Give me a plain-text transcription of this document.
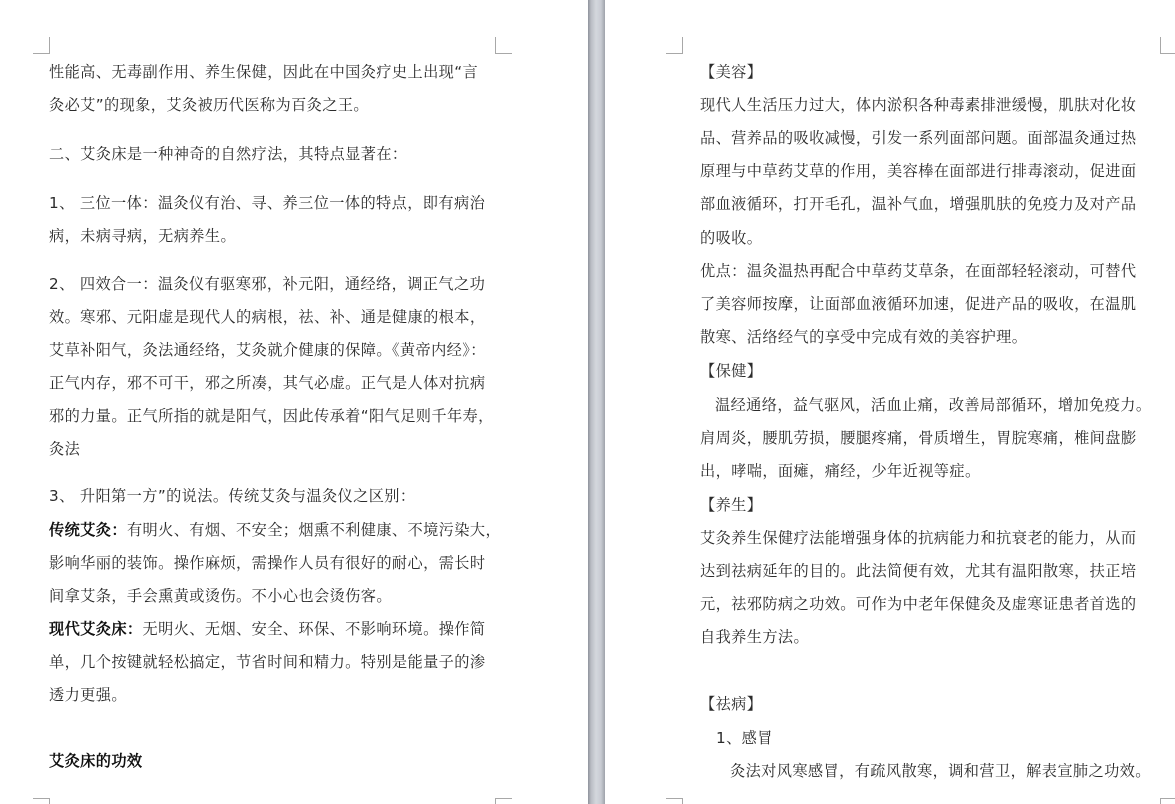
性能高、无毒副作用、养生保健，因此在中国灸疗史上出现“言

灸必艾”的现象，艾灸被历代医称为百灸之王。

二、艾灸床是一种神奇的自然疗法，其特点显著在：

1、 三位一体：温灸仪有治、寻、养三位一体的特点，即有病治

病，未病寻病，无病养生。

2、 四效合一：温灸仪有驱寒邪，补元阳，通经络，调正气之功

效。寒邪、元阳虚是现代人的病根，祛、补、通是健康的根本，

艾草补阳气，灸法通经络，艾灸就介健康的保障。《黄帝内经》：

正气内存，邪不可干，邪之所凑，其气必虚。正气是人体对抗病

邪的力量。正气所指的就是阳气，因此传承着“阳气足则千年寿，

灸法

3、 升阳第一方”的说法。传统艾灸与温灸仪之区别：

传统艾灸：有明火、有烟、不安全；烟熏不利健康、不境污染大，

影响华丽的装饰。操作麻烦，需操作人员有很好的耐心，需长时

间拿艾条，手会熏黄或烫伤。不小心也会烫伤客。

现代艾灸床：无明火、无烟、安全、环保、不影响环境。操作简

单，几个按键就轻松搞定，节省时间和精力。特别是能量子的渗

透力更强。

艾灸床的功效

【美容】

现代人生活压力过大，体内淤积各种毒素排泄缓慢，肌肤对化妆

品、营养品的吸收减慢，引发一系列面部问题。面部温灸通过热

原理与中草药艾草的作用，美容棒在面部进行排毒滚动，促进面

部血液循环，打开毛孔，温补气血，增强肌肤的免疫力及对产品

的吸收。

优点：温灸温热再配合中草药艾草条，在面部轻轻滚动，可替代

了美容师按摩，让面部血液循环加速，促进产品的吸收，在温肌

散寒、活络经气的享受中完成有效的美容护理。

【保健】

温经通络，益气驱风，活血止痛，改善局部循环，增加免疫力。

肩周炎，腰肌劳损，腰腿疼痛，骨质增生，胃脘寒痛，椎间盘膨

出，哮喘，面瘫，痛经，少年近视等症。

【养生】

艾灸养生保健疗法能增强身体的抗病能力和抗衰老的能力，从而

达到祛病延年的目的。此法简便有效，尤其有温阳散寒，扶正培

元，祛邪防病之功效。可作为中老年保健灸及虚寒证患者首选的

自我养生方法。

【祛病】

1、感冒

灸法对风寒感冒，有疏风散寒，调和营卫，解表宣肺之功效。
